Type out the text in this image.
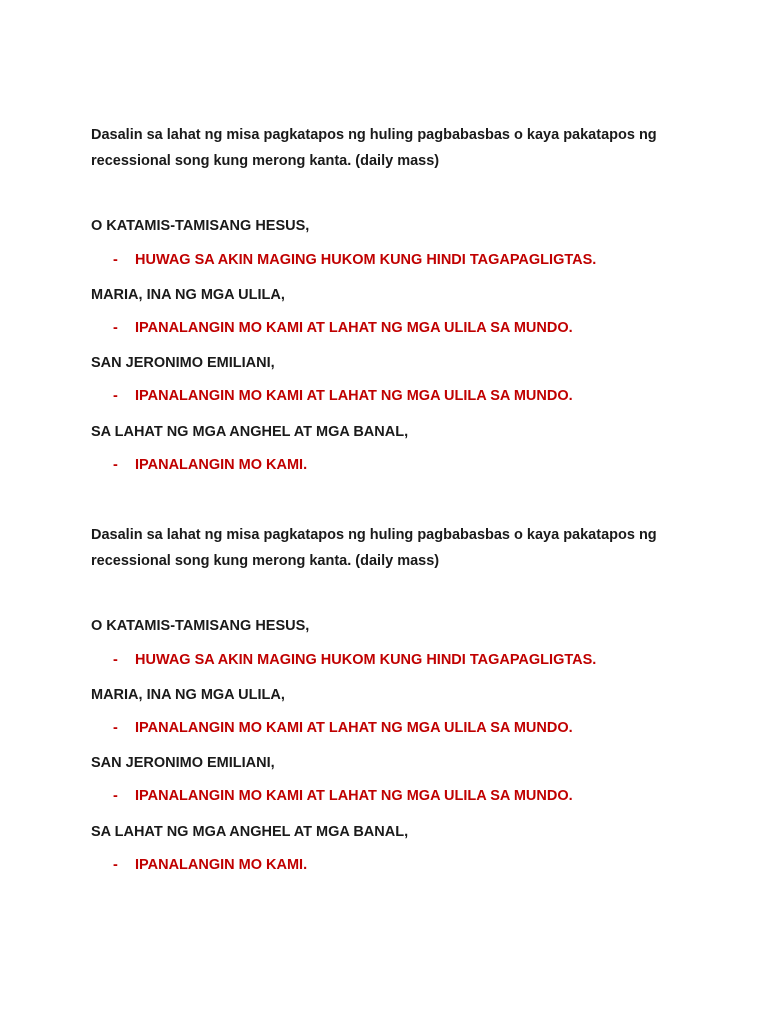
Dasalin sa lahat ng misa pagkatapos ng huling pagbabasbas o kaya pakatapos ng recessional song kung merong kanta. (daily mass)
O KATAMIS-TAMISANG HESUS,
- HUWAG SA AKIN MAGING HUKOM KUNG HINDI TAGAPAGLIGTAS.
MARIA, INA NG MGA ULILA,
- IPANALANGIN MO KAMI AT LAHAT NG MGA ULILA SA MUNDO.
SAN JERONIMO EMILIANI,
- IPANALANGIN MO KAMI AT LAHAT NG MGA ULILA SA MUNDO.
SA LAHAT NG MGA ANGHEL AT MGA BANAL,
- IPANALANGIN MO KAMI.
Dasalin sa lahat ng misa pagkatapos ng huling pagbabasbas o kaya pakatapos ng recessional song kung merong kanta. (daily mass)
O KATAMIS-TAMISANG HESUS,
- HUWAG SA AKIN MAGING HUKOM KUNG HINDI TAGAPAGLIGTAS.
MARIA, INA NG MGA ULILA,
- IPANALANGIN MO KAMI AT LAHAT NG MGA ULILA SA MUNDO.
SAN JERONIMO EMILIANI,
- IPANALANGIN MO KAMI AT LAHAT NG MGA ULILA SA MUNDO.
SA LAHAT NG MGA ANGHEL AT MGA BANAL,
- IPANALANGIN MO KAMI.
